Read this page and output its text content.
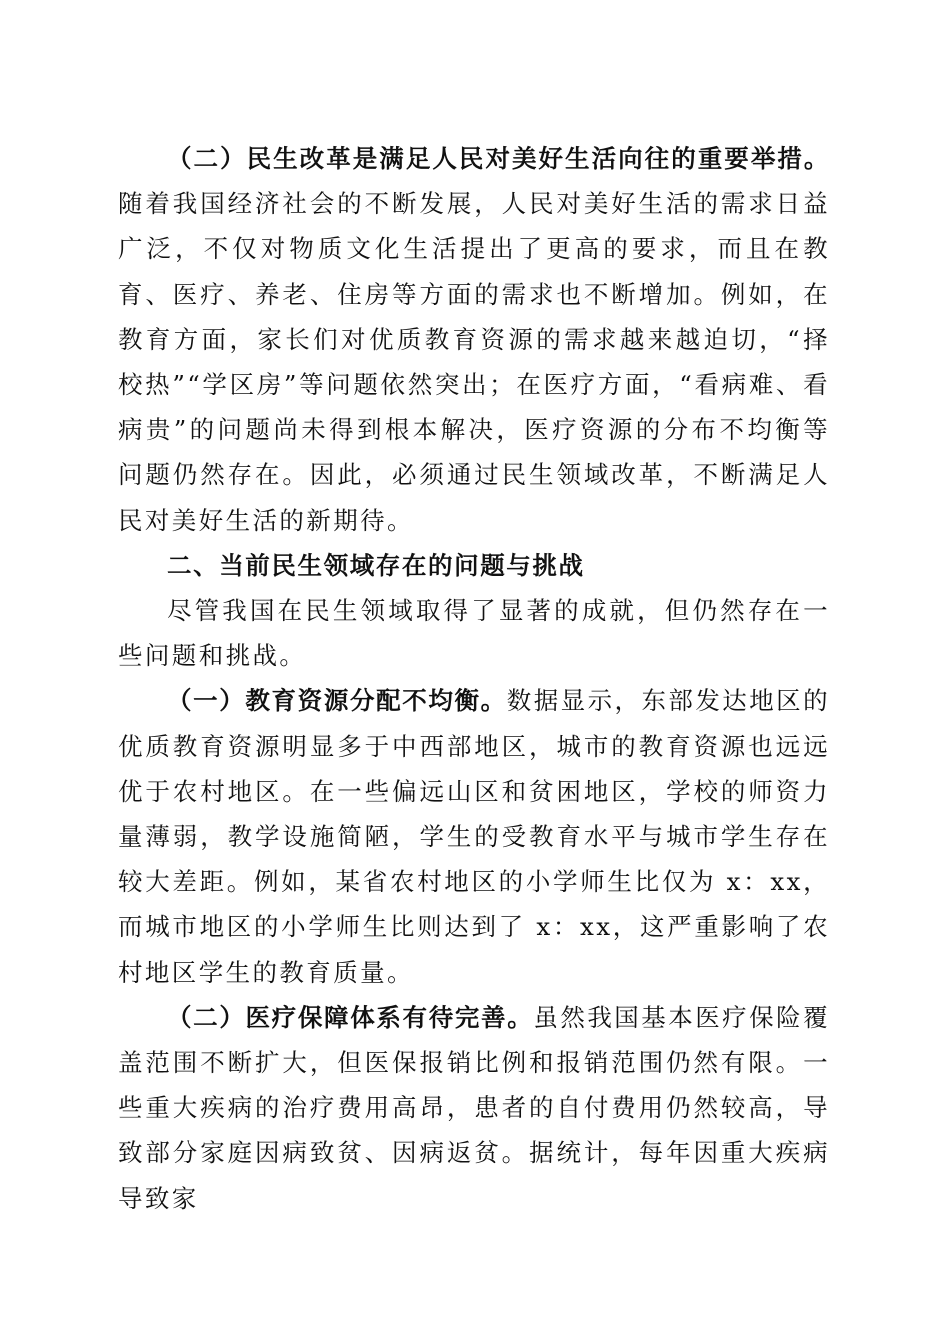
（二）民生改革是满足人民对美好生活向往的重要举措。随着我国经济社会的不断发展，人民对美好生活的需求日益广泛，不仅对物质文化生活提出了更高的要求，而且在教育、医疗、养老、住房等方面的需求也不断增加。例如，在教育方面，家长们对优质教育资源的需求越来越迫切，“择校热”“学区房”等问题依然突出；在医疗方面，“看病难、看病贵”的问题尚未得到根本解决，医疗资源的分布不均衡等问题仍然存在。因此，必须通过民生领域改革，不断满足人民对美好生活的新期待。

二、当前民生领域存在的问题与挑战

尽管我国在民生领域取得了显著的成就，但仍然存在一些问题和挑战。

（一）教育资源分配不均衡。数据显示，东部发达地区的优质教育资源明显多于中西部地区，城市的教育资源也远远优于农村地区。在一些偏远山区和贫困地区，学校的师资力量薄弱，教学设施简陋，学生的受教育水平与城市学生存在较大差距。例如，某省农村地区的小学师生比仅为 x：xx，而城市地区的小学师生比则达到了 x：xx，这严重影响了农村地区学生的教育质量。

（二）医疗保障体系有待完善。虽然我国基本医疗保险覆盖范围不断扩大，但医保报销比例和报销范围仍然有限。一些重大疾病的治疗费用高昂，患者的自付费用仍然较高，导致部分家庭因病致贫、因病返贫。据统计，每年因重大疾病导致家
